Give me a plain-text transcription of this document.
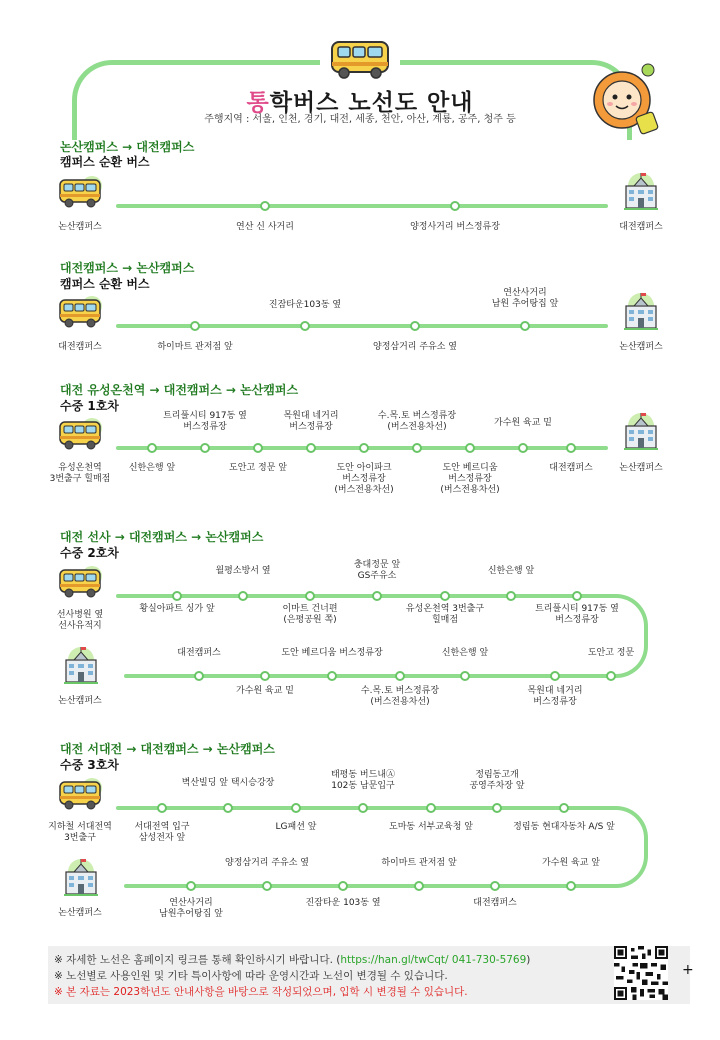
통학버스 노선도 안내
주행지역 : 서울, 인천, 경기, 대전, 세종, 천안, 아산, 계룡, 공주, 청주 등
논산캠퍼스 → 대전캠퍼스
캠퍼스 순환 버스
논산캠퍼스	대전캠퍼스
연산 신 사거리	양정사거리 버스정류장
대전캠퍼스 → 논산캠퍼스
캠퍼스 순환 버스
대전캠퍼스	논산캠퍼스
하이마트 관저점 앞
진잠타운103동 옆
양정삼거리 주유소 옆
연산사거리
남원 추어탕집 앞
대전 유성온천역 → 대전캠퍼스 → 논산캠퍼스
수중 1호차
유성온천역
3번출구 힐매점
논산캠퍼스
신한은행 앞
트리풀시티 917동 옆
버스정류장
도안고 정문 앞
목원대 네거리
버스정류장
도안 아이파크
버스정류장
(버스전용차선)
수.목.토 버스정류장
(버스전용차선)
도안 베르디움
버스정류장
(버스전용차선)
가수원 육교 밑
대전캠퍼스
대전 선사 → 대전캠퍼스 → 논산캠퍼스
수중 2호차
선사병원 옆
선사유적지
논산캠퍼스
황실아파트 싱가 앞
월평소방서 옆
이마트 건너편
(은평공원 쪽)
충대정문 앞
GS주유소
유성온천역 3번출구
힐매점
신한은행 앞
트리풀시티 917동 옆
버스정류장
도안고 정문
목원대 네거리
버스정류장
신한은행 앞
수.목.토 버스정류장
(버스전용차선)
도안 베르디움 버스정류장
가수원 육교 밑
대전캠퍼스
대전 서대전 → 대전캠퍼스 → 논산캠퍼스
수중 3호차
지하철 서대전역
3번출구
논산캠퍼스
서대전역 입구
삼성전자 앞
벽산빌딩 앞 택시승강장
LG패션 앞
태평동 버드내Ⓐ
102동 남문입구
도마동 서부교육청 앞
정림동고개
공영주차장 앞
정림동 현대자동차 A/S 앞
가수원 육교 앞
대전캠퍼스
하이마트 관저점 앞
진잠타운 103동 옆
양정삼거리 주유소 옆
연산사거리
남원추어탕집 앞
※ 자세한 노선은 홈페이지 링크를 통해 확인하시기 바랍니다. (https://han.gl/twCqt/ 041-730-5769)
※ 노선별로 사용인원 및 기타 특이사항에 따라 운영시간과 노선이 변경될 수 있습니다.
※ 본 자료는 2023학년도 안내사항을 바탕으로 작성되었으며, 입학 시 변경될 수 있습니다.
+
